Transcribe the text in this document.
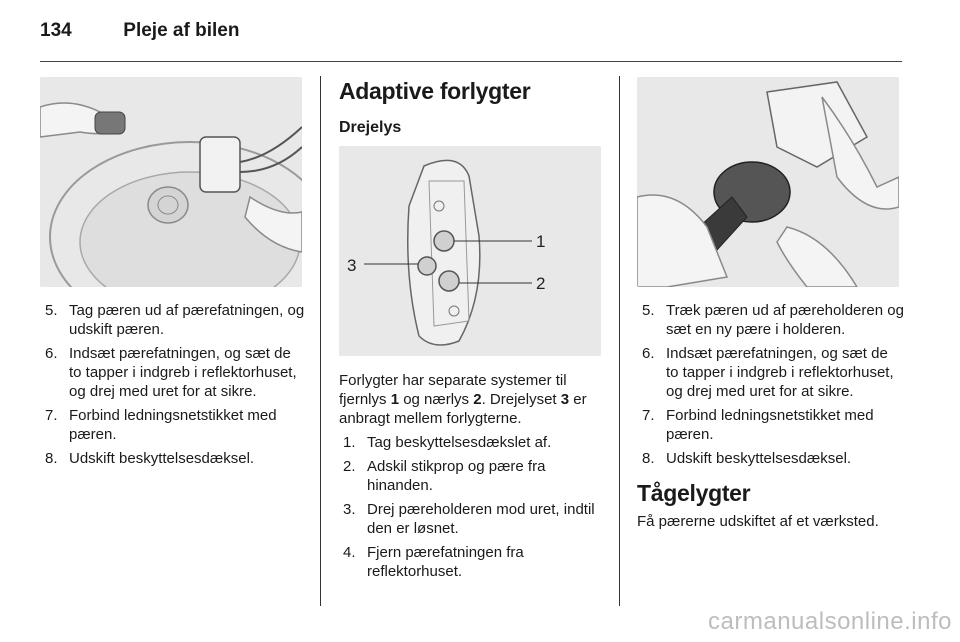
134	Pleje af bilen
5. Tag pæren ud af pærefatningen, og udskift pæren.
6. Indsæt pærefatningen, og sæt de to tapper i indgreb i reflektorhuset, og drej med uret for at sikre.
7. Forbind ledningsnetstikket med pæren.
8. Udskift beskyttelsesdæksel.
Adaptive forlygter
Drejelys
1
2
3

Forlygter har separate systemer til fjernlys 1 og nærlys 2. Drejelyset 3 er anbragt mellem forlygterne.

1. Tag beskyttelsesdækslet af.
2. Adskil stikprop og pære fra hinanden.
3. Drej pæreholderen mod uret, indtil den er løsnet.
4. Fjern pærefatningen fra reflektorhuset.
5. Træk pæren ud af pæreholderen og sæt en ny pære i holderen.
6. Indsæt pærefatningen, og sæt de to tapper i indgreb i reflektorhuset, og drej med uret for at sikre.
7. Forbind ledningsnetstikket med pæren.
8. Udskift beskyttelsesdæksel.
Tågelygter

Få pærerne udskiftet af et værksted.

carmanualsonline.info
